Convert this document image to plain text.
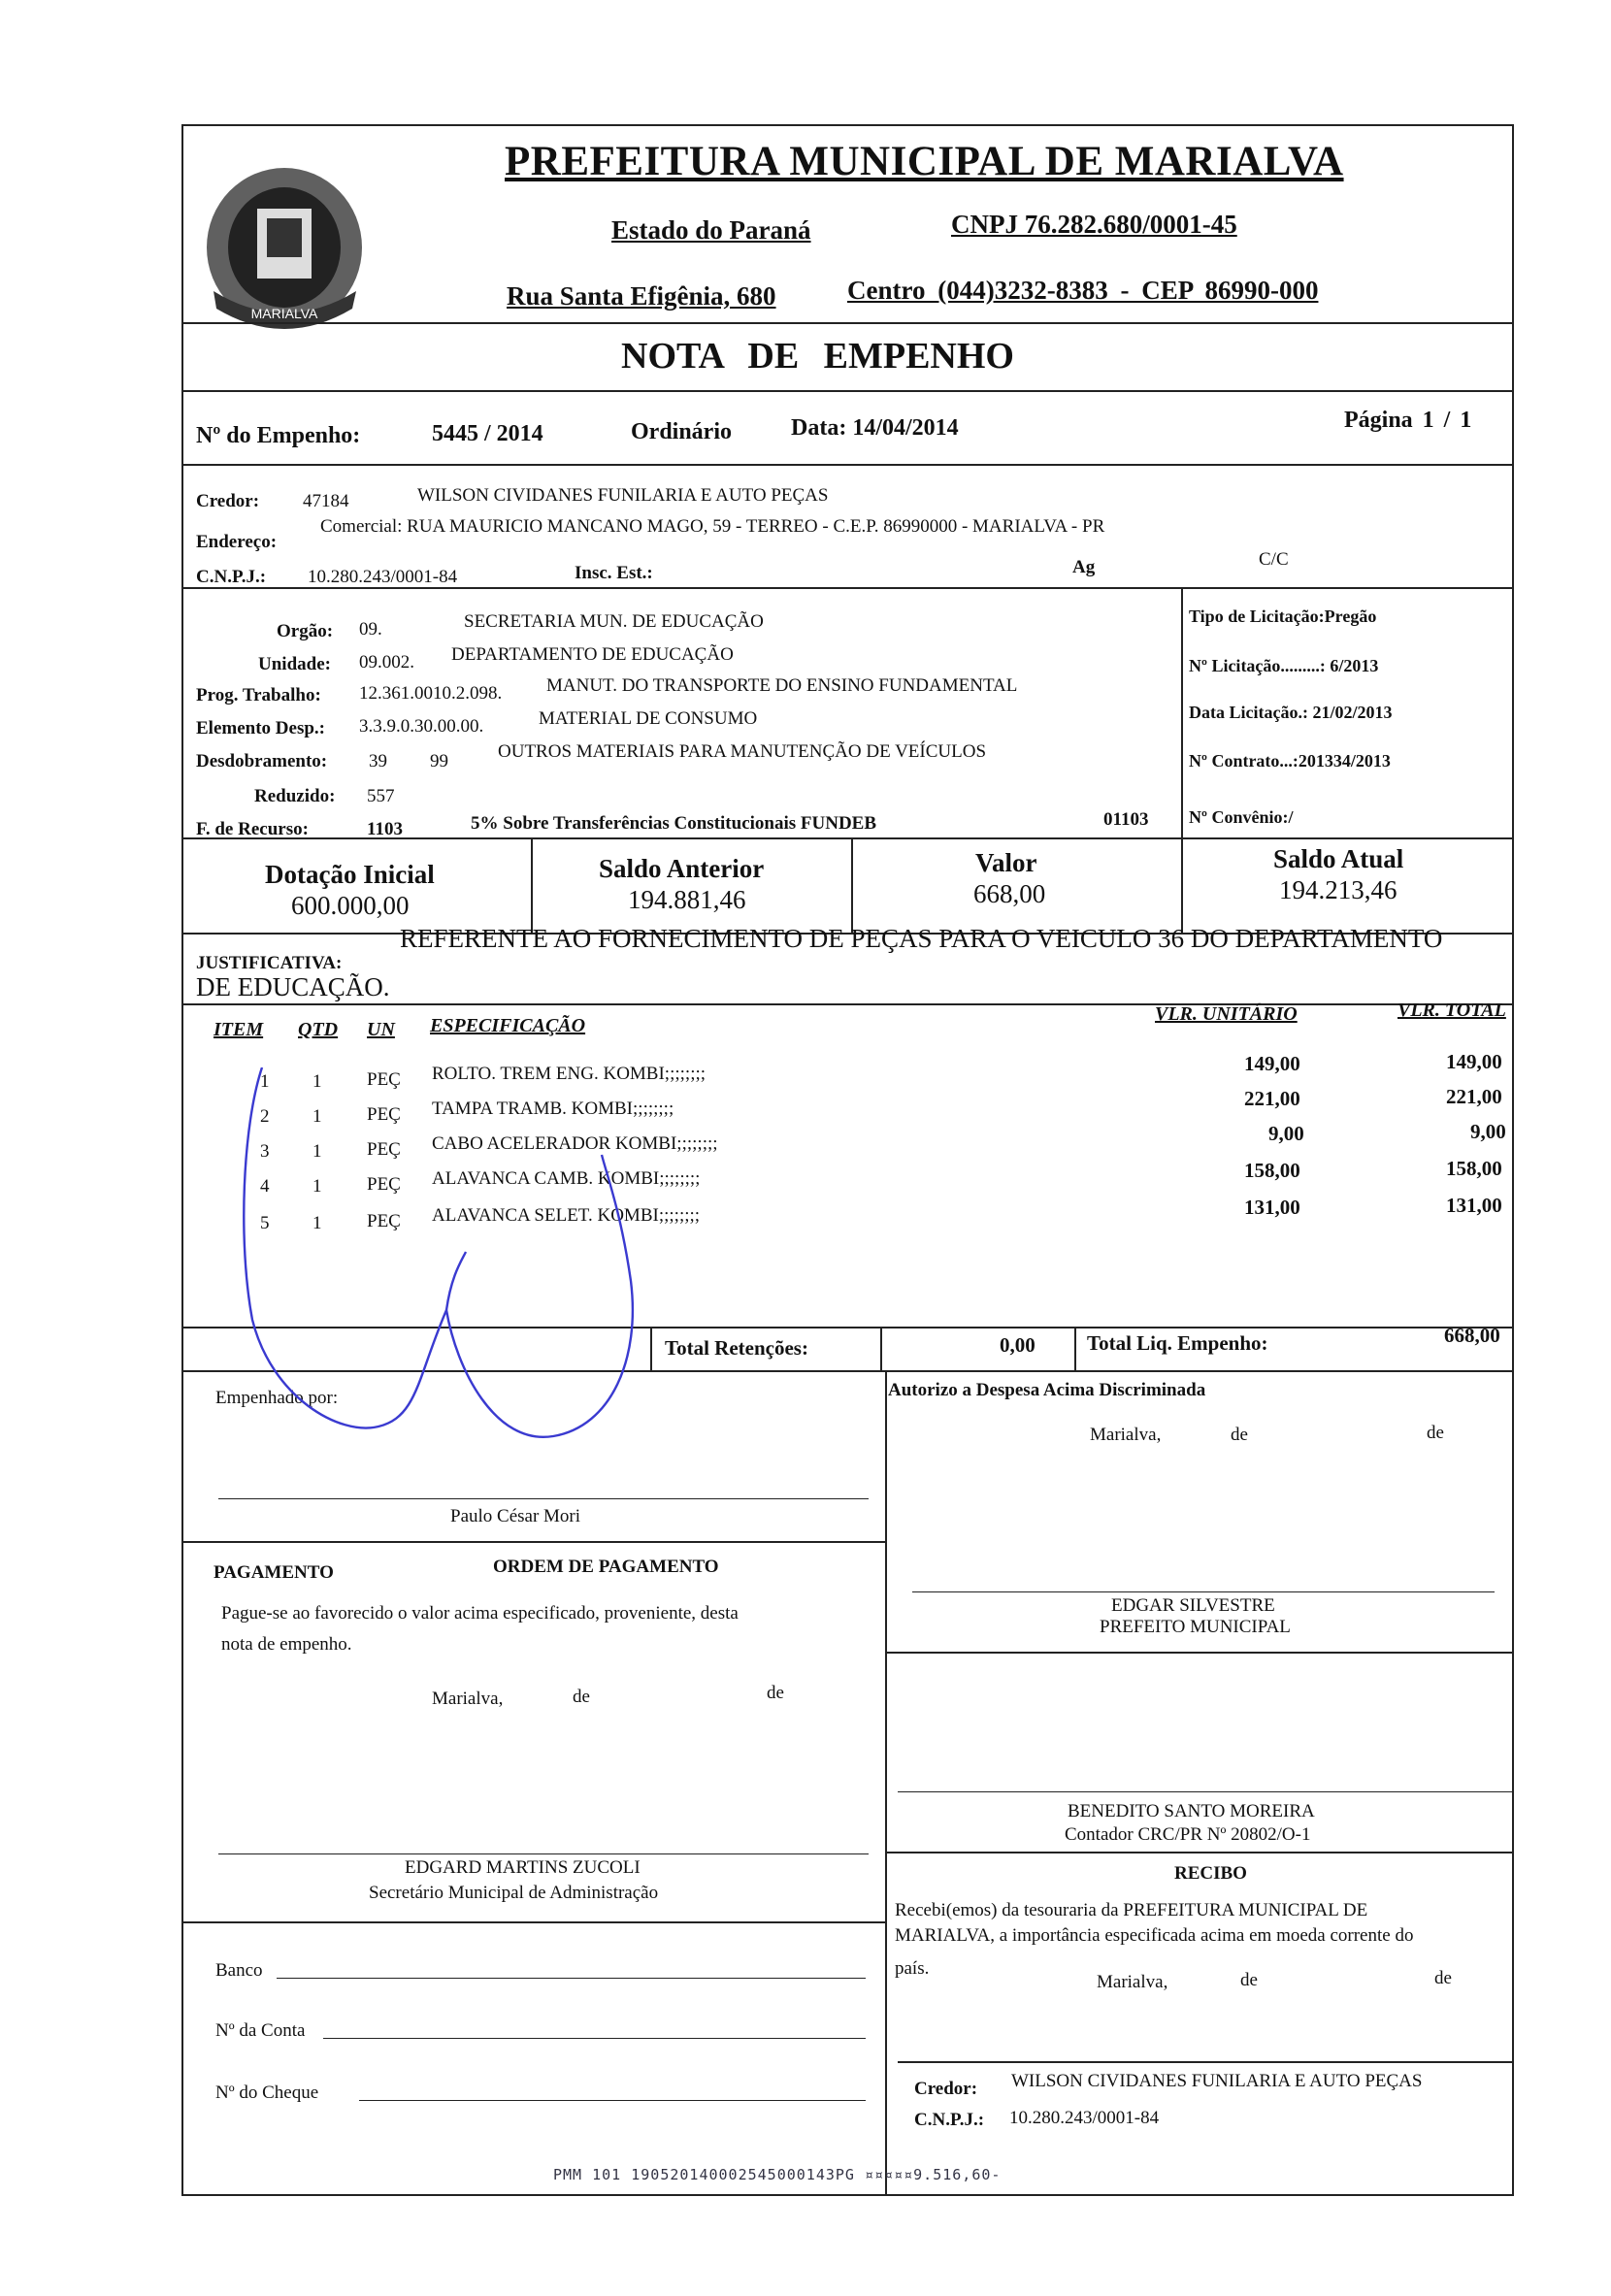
MARIALVA
PREFEITURA MUNICIPAL DE MARIALVA
Estado do Paraná	CNPJ 76.282.680/0001-45
Rua Santa Efigênia, 680	Centro (044)3232-8383 - CEP 86990-000
NOTA DE EMPENHO
Nº do Empenho:	5445 / 2014	Ordinário	Data: 14/04/2014	Página 1 / 1
Credor: 47184	WILSON CIVIDANES FUNILARIA E AUTO PEÇAS
Endereço:
Comercial: RUA MAURICIO MANCANO MAGO, 59 - TERREO - C.E.P. 86990000 - MARIALVA - PR
C.N.P.J.: 10.280.243/0001-84	Insc. Est.:	Ag	C/C
Orgão: 09.	SECRETARIA MUN. DE EDUCAÇÃO
Unidade: 09.002. DEPARTAMENTO DE EDUCAÇÃO
Prog. Trabalho: 12.361.0010.2.098. MANUT. DO TRANSPORTE DO ENSINO FUNDAMENTAL
Elemento Desp.: 3.3.9.0.30.00.00.	MATERIAL DE CONSUMO
Desdobramento: 39 99	OUTROS MATERIAIS PARA MANUTENÇÃO DE VEÍCULOS
Reduzido: 557
F. de Recurso:	1103	5% Sobre Transferências Constitucionais FUNDEB	01103
Tipo de Licitação:Pregão
Nº Licitação.........: 6/2013
Data Licitação.: 21/02/2013
Nº Contrato...:201334/2013
Nº Convênio:/
Dotação Inicial
600.000,00
Saldo Anterior
194.881,46
Valor
668,00
Saldo Atual
194.213,46
JUSTIFICATIVA:
REFERENTE AO FORNECIMENTO DE PEÇAS PARA O VEICULO 36 DO DEPARTAMENTO
DE EDUCAÇÃO.
ITEM QTD UN ESPECIFICAÇÃO
VLR. UNITÁRIO	VLR. TOTAL
1 1 PEÇ ROLTO. TREM ENG. KOMBI;;;;;;;;	149,00	149,00
2 1 PEÇ TAMPA TRAMB. KOMBI;;;;;;;;	221,00	221,00
3 1 PEÇ CABO ACELERADOR KOMBI;;;;;;;;	9,00	9,00
4 1 PEÇ ALAVANCA CAMB. KOMBI;;;;;;;;	158,00	158,00
5 1 PEÇ ALAVANCA SELET. KOMBI;;;;;;;;	131,00	131,00
Total Retenções:	0,00	Total Liq. Empenho:	668,00
Empenhado por:
Paulo César Mori
Autorizo a Despesa Acima Discriminada
Marialva,	de	de
PAGAMENTO	ORDEM DE PAGAMENTO
Pague-se ao favorecido o valor acima especificado, proveniente, desta
nota de empenho.
Marialva,	de	de
EDGAR SILVESTRE
PREFEITO MUNICIPAL
BENEDITO SANTO MOREIRA
Contador CRC/PR Nº 20802/O-1
EDGARD MARTINS ZUCOLI
Secretário Municipal de Administração
RECIBO
Recebi(emos) da tesouraria da PREFEITURA MUNICIPAL DE
MARIALVA, a importância especificada acima em moeda corrente do
país.
Marialva,	de	de
Banco
Nº da Conta
Nº do Cheque	Credor: WILSON CIVIDANES FUNILARIA E AUTO PEÇAS
C.N.P.J.: 10.280.243/0001-84
PMM 101 190520140002545000143PG ¤¤¤¤¤9.516,60-
